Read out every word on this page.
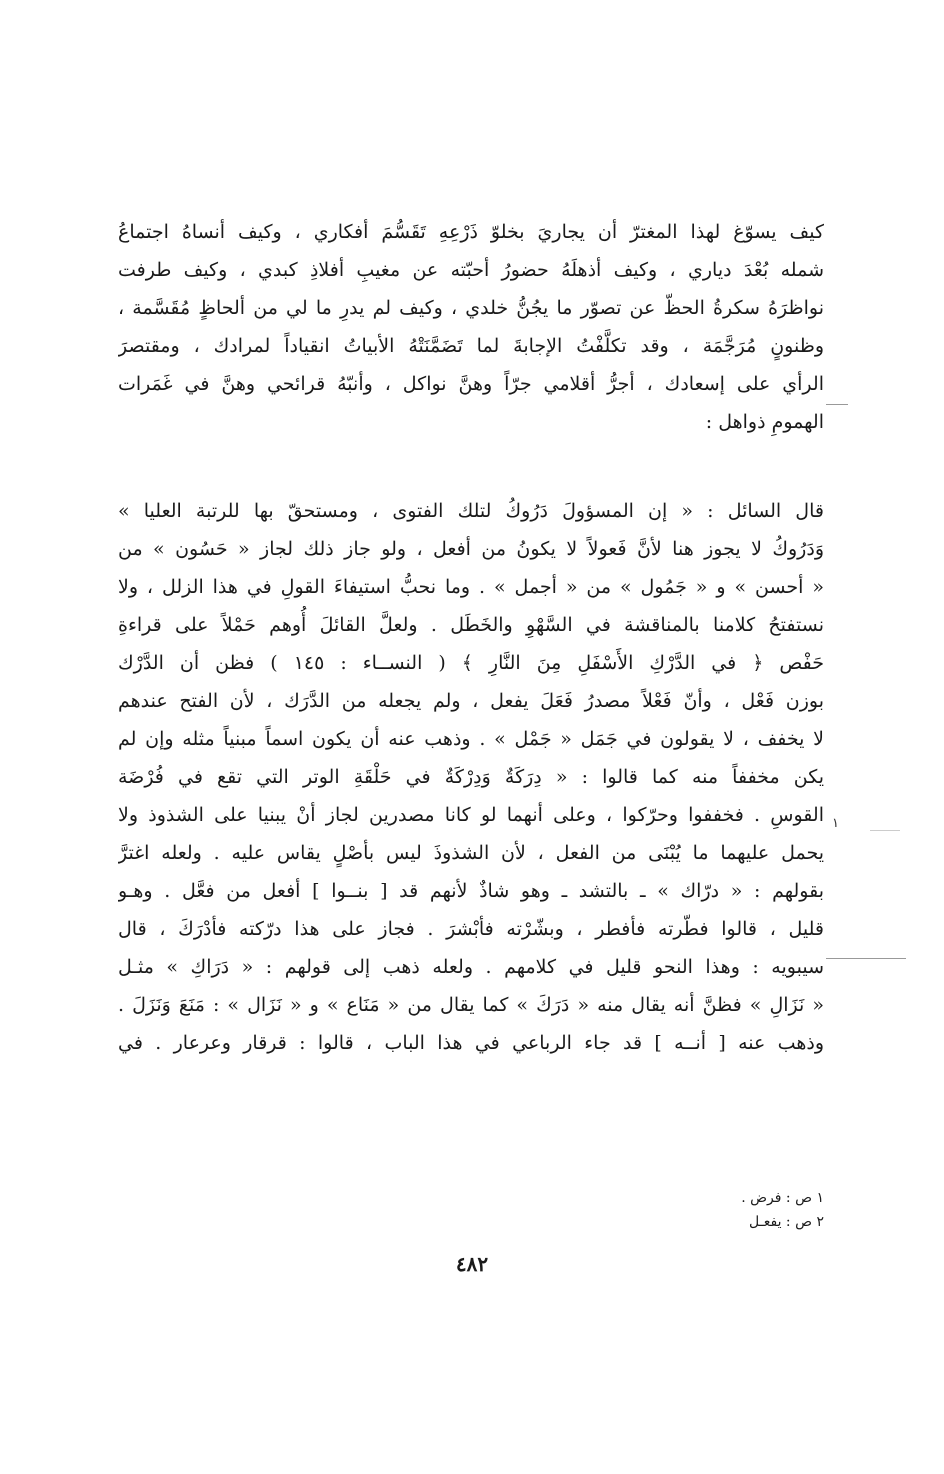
كيف يسوّغ لهذا المغترّ أن يجاريَ بخلوّ ذَرْعِهِ تَقَسُّمَ أفكاري ، وكيف أنساهُ اجتماعُ
شمله بُعْدَ دياري ، وكيف أذهلَهُ حضورُ أحبّته عن مغيبِ أفلاذِ كبدي ، وكيف طرفت
نواظرَهُ سكرةُ الحظّ عن تصوّر ما يجُنُّ خلدي ، وكيف لم يدرِ ما لي من ألحاظٍ مُقَسَّمة ،
وظنونٍ مُرَجَّمَة ، وقد تكلَّفْتُ الإجابةَ لما تَضَمَّنَتْهُ الأبياتُ انقياداً لمرادك ، ومقتصرَ
الرأي على إسعادك ، أجرُّ أقلامي جرّاً وهنَّ نواكل ، وأنبّهُ قرائحي وهنَّ في غَمَرات
الهمومِ ذواهل :
قال السائل : « إن المسؤولَ دَرُوكُ لتلك الفتوى ، ومستحقّ بها للرتبة العليا »
وَدَرُوكُ لا يجوز هنا لأنَّ فَعولاً لا يكونُ من أفعل ، ولو جاز ذلك لجاز « حَسُون » من
« أحسن » و « جَمُول » من « أجمل » . وما نحبُّ استيفاءَ القولِ في هذا الزلل ، ولا
نستفتحُ كلامنا بالمناقشة في السَّهْوِ والخَطَل . ولعلَّ القائلَ أُوهم حَمْلاً على قراءةِ
حَفْص ﴿ في الدَّرْكِ الأَسْفَلِ مِنَ النَّارِ ﴾ ( النســاء : ١٤٥ ) فظن أن الدَّرْك
بوزن فَعْل ، وأنّ فَعْلاً مصدرُ فَعَلَ يفعل ، ولم يجعله من الدَّرَك ، لأن الفتح عندهم
لا يخفف ، لا يقولون في جَمَل « جَمْل » . وذهب عنه أن يكون اسماً مبنياً مثله وإن لم
يكن مخففاً منه كما قالوا : « دِرَكَةٌ وَدِرْكَةٌ في حَلْقَةِ الوتر التي تقع في فُرْضَة
القوسِ . فخففوا وحرّكوا ، وعلى أنهما لو كانا مصدرين لجاز أنْ يبنيا على الشذوذ ولا
يحمل عليهما ما يُبْنَى من الفعل ، لأن الشذوذَ ليس بأصْلٍ يقاس عليه . ولعله اغترَّ
بقولهم : « درّاك » ـ بالتشد ـ وهو شاذٌ لأنهم قد [ بنــوا ] أفعل من فعَّل . وهـو
قليل ، قالوا فطّرته فأفطر ، وبشّرْته فأبْشرَ . فجاز على هذا درّكته فأدْرَكَ ، قال
سيبويه : وهذا النحو قليل في كلامهم . ولعله ذهب إلى قولهم : « دَرَاكِ » مثـل
« نَزَالِ » فظنَّ أنه يقال منه « دَرَكَ » كما يقال من « مَنَاع » و « نَزَال » : مَنَعَ وَنَزَلَ .
وذهب عنه [ أنــه ] قد جاء الرباعي في هذا الباب ، قالوا : قرقار وعرعار . في
١
١ ص : فرض .
٢ ص : يفعـل
٤٨٢
